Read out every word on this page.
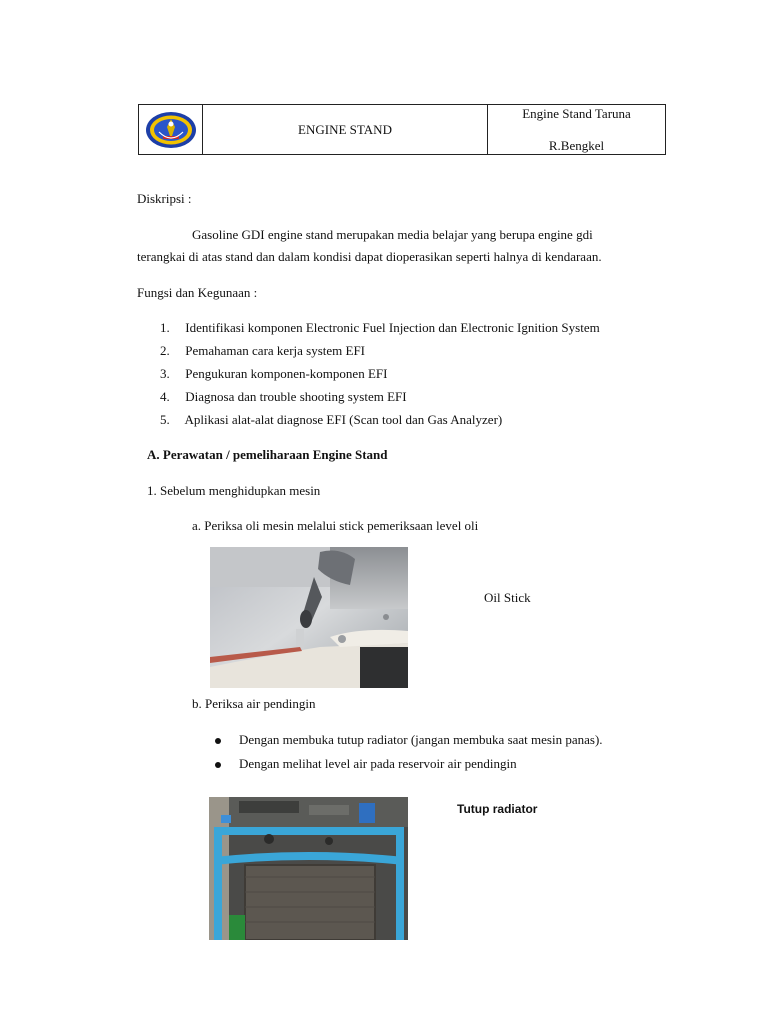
ENGINE STAND
Engine Stand Taruna
R.Bengkel
Diskripsi :
Gasoline GDI engine stand merupakan media belajar yang berupa engine gdi
terangkai di atas stand dan dalam kondisi dapat dioperasikan seperti halnya di kendaraan.
Fungsi dan Kegunaan :
1. Identifikasi komponen Electronic Fuel Injection dan Electronic Ignition System
2. Pemahaman cara kerja system EFI
3. Pengukuran komponen-komponen EFI
4. Diagnosa dan trouble shooting system EFI
5. Aplikasi alat-alat diagnose EFI (Scan tool dan Gas Analyzer)
A. Perawatan / pemeliharaan Engine Stand
1. Sebelum menghidupkan mesin
a. Periksa oli mesin melalui stick pemeriksaan level oli
Oil Stick
b. Periksa air pendingin
Dengan membuka tutup radiator (jangan membuka saat mesin panas).
Dengan melihat level air pada reservoir air pendingin
Tutup radiator
